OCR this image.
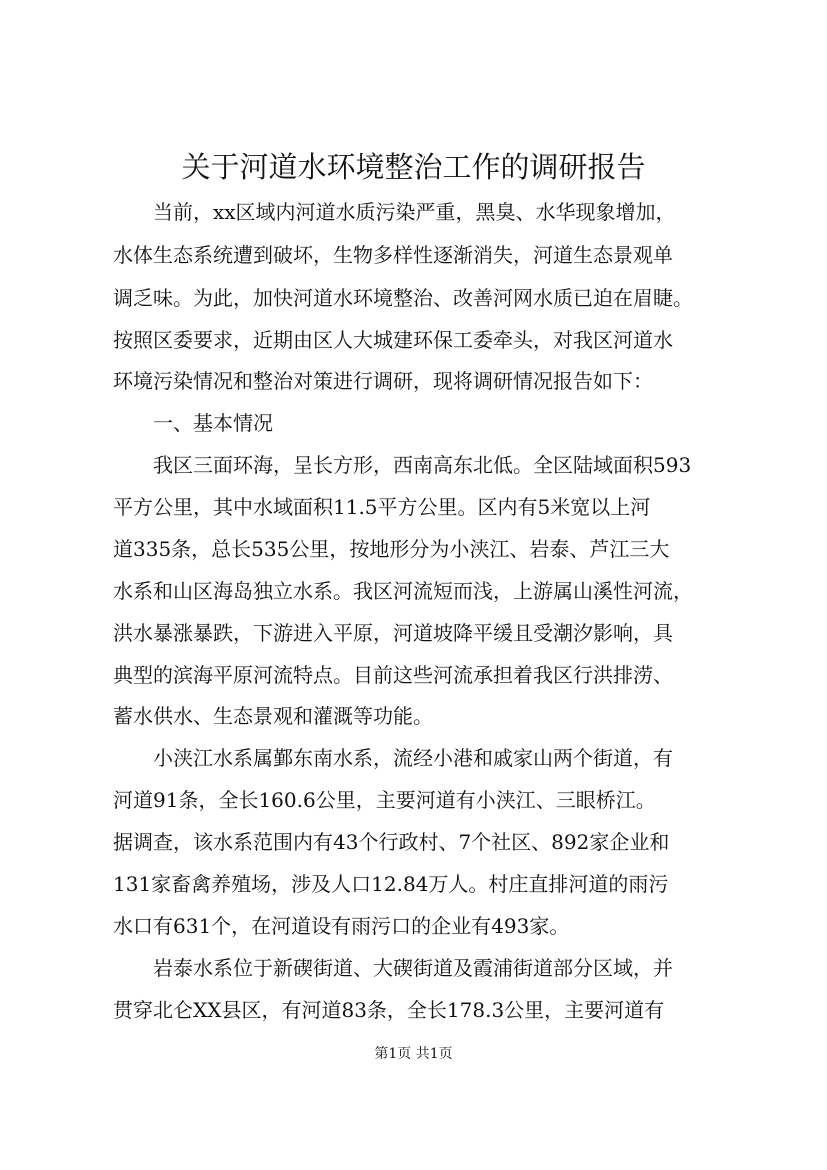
关于河道水环境整治工作的调研报告
当前，xx区域内河道水质污染严重，黑臭、水华现象增加，
水体生态系统遭到破坏，生物多样性逐渐消失，河道生态景观单
调乏味。为此，加快河道水环境整治、改善河网水质已迫在眉睫。
按照区委要求，近期由区人大城建环保工委牵头，对我区河道水
环境污染情况和整治对策进行调研，现将调研情况报告如下：
一、基本情况
我区三面环海，呈长方形，西南高东北低。全区陆域面积593
平方公里，其中水域面积11.5平方公里。区内有5米宽以上河
道335条，总长535公里，按地形分为小浃江、岩泰、芦江三大
水系和山区海岛独立水系。我区河流短而浅，上游属山溪性河流，
洪水暴涨暴跌，下游进入平原，河道坡降平缓且受潮汐影响，具
典型的滨海平原河流特点。目前这些河流承担着我区行洪排涝、
蓄水供水、生态景观和灌溉等功能。
小浃江水系属鄞东南水系，流经小港和戚家山两个街道，有
河道91条，全长160.6公里，主要河道有小浃江、三眼桥江。
据调查，该水系范围内有43个行政村、7个社区、892家企业和
131家畜禽养殖场，涉及人口12.84万人。村庄直排河道的雨污
水口有631个，在河道设有雨污口的企业有493家。
岩泰水系位于新碶街道、大碶街道及霞浦街道部分区域，并
贯穿北仑XX县区，有河道83条，全长178.3公里，主要河道有
第1页 共1页
